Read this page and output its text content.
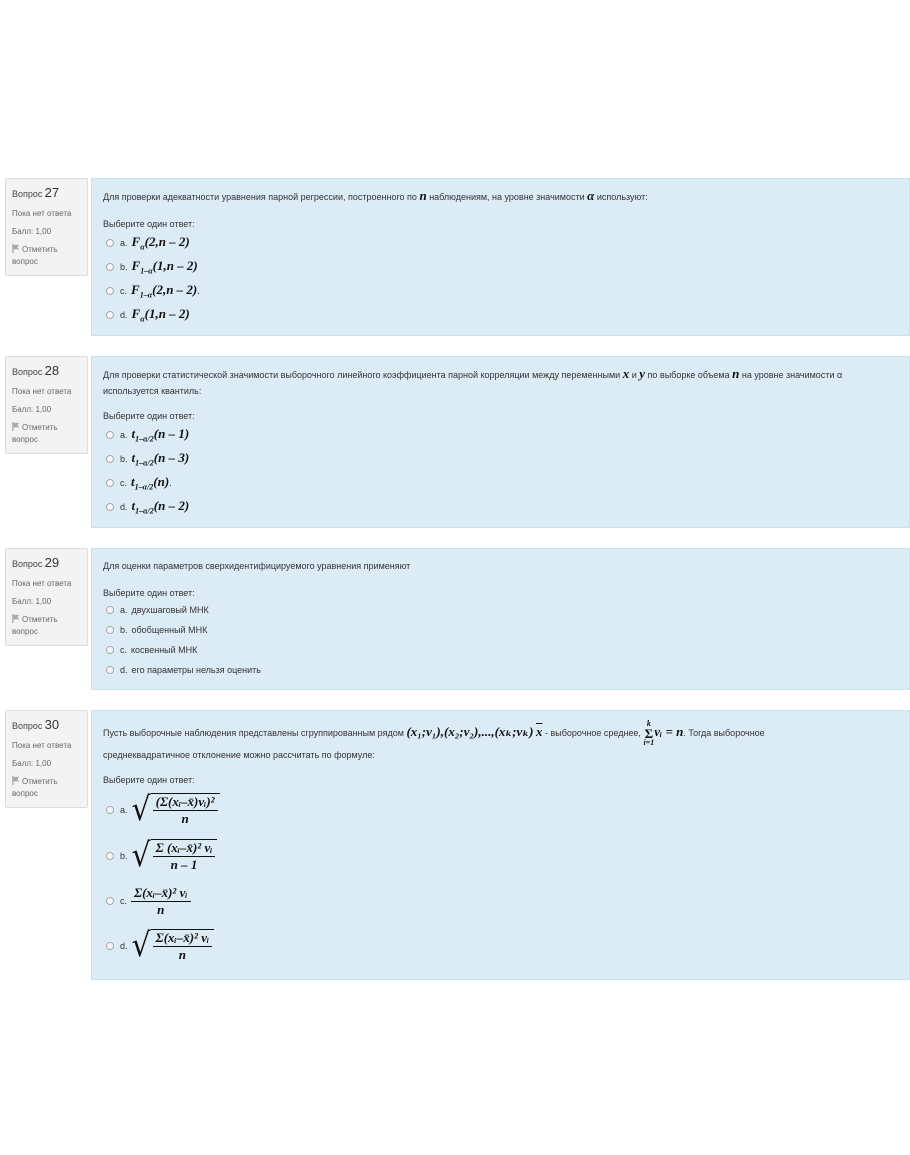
Вопрос 27
Пока нет ответа
Балл: 1,00
Отметить
вопрос
Для проверки адекватности уравнения парной регрессии, построенного по n наблюдениям, на уровне значимости α используют:
Выберите один ответ:
a. $F_\alpha(2,n - 2)$
b. $F_{1-\alpha}(1,n - 2)$
c. $F_{1-\alpha}(2,n - 2)$.
d. $F_\alpha(1,n - 2)$
Вопрос 28
Пока нет ответа
Балл: 1,00
Отметить
вопрос
Для проверки статистической значимости выборочного линейного коэффициента парной корреляции между переменными x и y по выборке объема n на уровне значимости α используется квантиль:
Выберите один ответ:
a. $t_{1-\alpha/2}(n - 1)$
b. $t_{1-\alpha/2}(n - 3)$
c. $t_{1-\alpha/2}(n)$.
d. $t_{1-\alpha/2}(n - 2)$
Вопрос 29
Пока нет ответа
Балл: 1,00
Отметить
вопрос
Для оценки параметров сверхидентифицируемого уравнения применяют
Выберите один ответ:
a. двухшаговый МНК
b. обобщенный МНК
c. косвенный МНК
d. его параметры нельзя оценить
Вопрос 30
Пока нет ответа
Балл: 1,00
Отметить
вопрос
Пусть выборочные наблюдения представлены сгруппированным рядом (x₁;ν₁),(x₂;ν₂),...,(xₖ;νₖ) $\overline{x}$ - выборочное среднее,
k
Σ
i=1
νᵢ = n. Тогда выборочное
среднеквадратичное отклонение можно рассчитать по формуле:
Выберите один ответ:
a. √ $\frac{\text{(Σ(xᵢ–x̄)νᵢ)²}}{n}$
b. √ $\frac{\text{Σ (xᵢ–x̄)² νᵢ}}{n - 1}$
c. $\frac{\text{Σ(xᵢ–x̄)² νᵢ}}{n}$
d. √ $\frac{\text{Σ(xᵢ–x̄)² νᵢ}}{n}$
